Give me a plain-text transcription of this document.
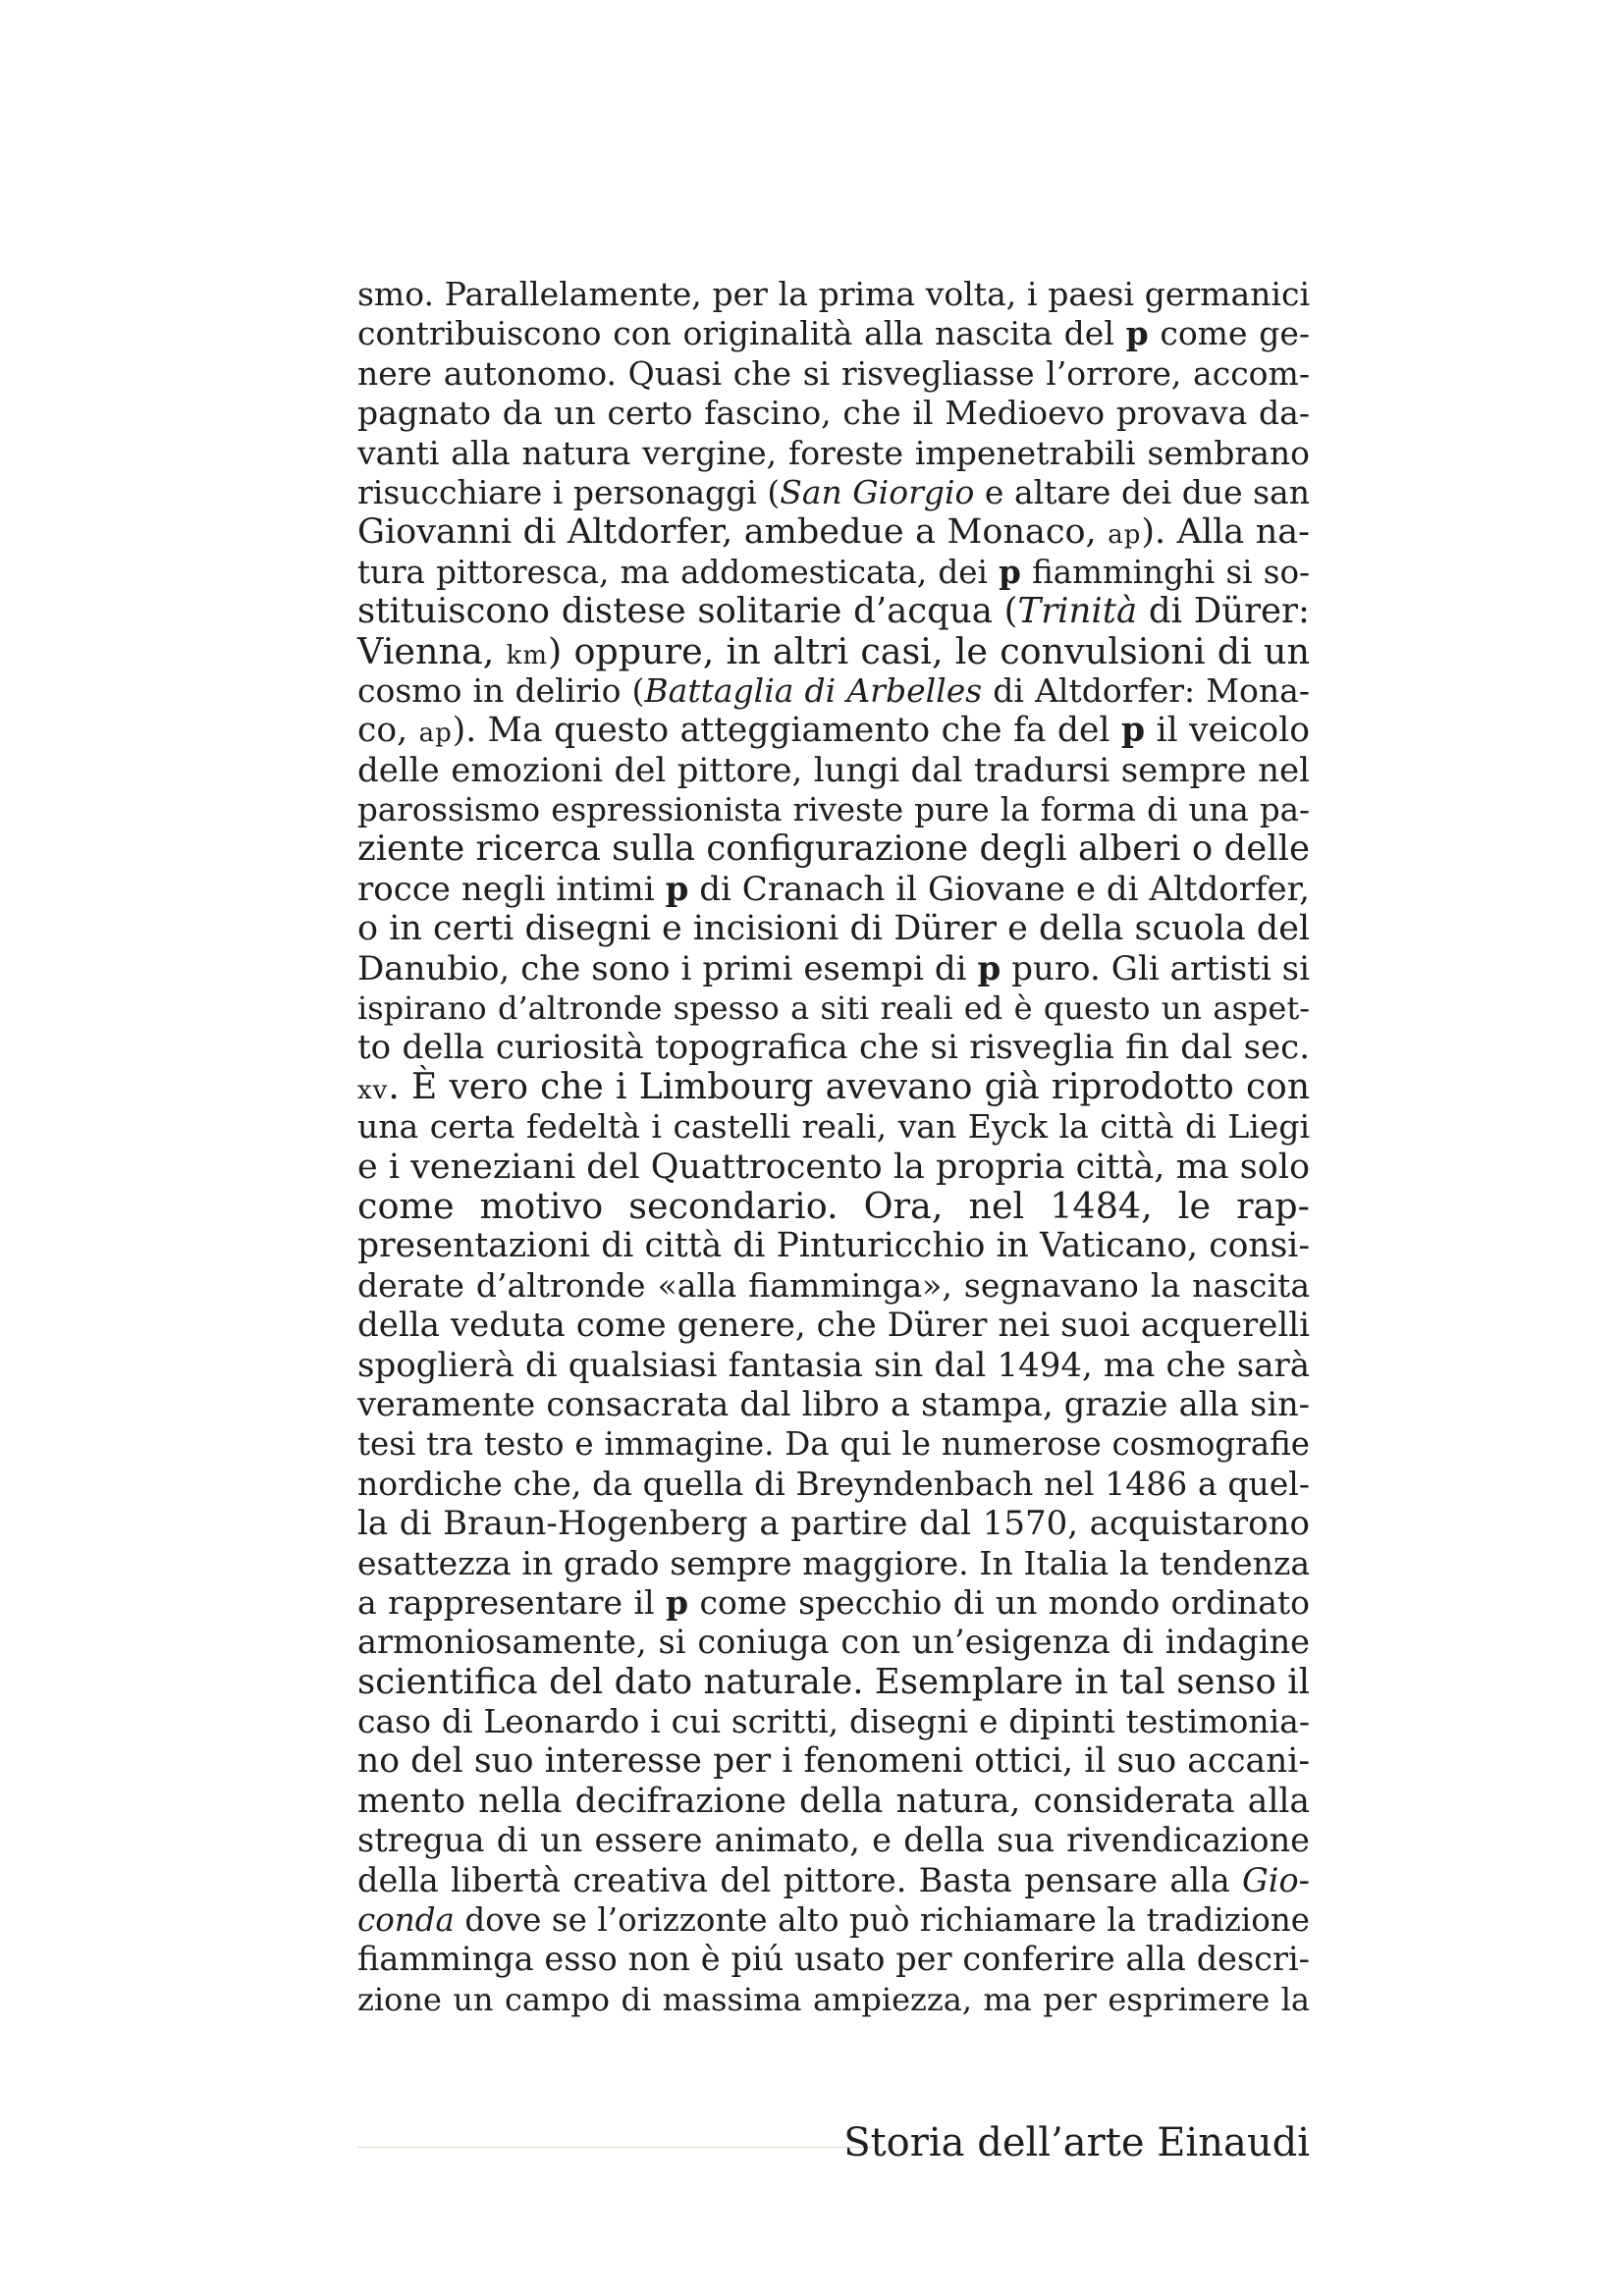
smo. Parallelamente, per la prima volta, i paesi germanici
contribuiscono con originalità alla nascita del p come ge-
nere autonomo. Quasi che si risvegliasse l’orrore, accom-
pagnato da un certo fascino, che il Medioevo provava da-
vanti alla natura vergine, foreste impenetrabili sembrano
risucchiare i personaggi (San Giorgio e altare dei due san
Giovanni di Altdorfer, ambedue a Monaco, ap). Alla na-
tura pittoresca, ma addomesticata, dei p fiamminghi si so-
stituiscono distese solitarie d’acqua (Trinità di Dürer:
Vienna, km) oppure, in altri casi, le convulsioni di un
cosmo in delirio (Battaglia di Arbelles di Altdorfer: Mona-
co, ap). Ma questo atteggiamento che fa del p il veicolo
delle emozioni del pittore, lungi dal tradursi sempre nel
parossismo espressionista riveste pure la forma di una pa-
ziente ricerca sulla configurazione degli alberi o delle
rocce negli intimi p di Cranach il Giovane e di Altdorfer,
o in certi disegni e incisioni di Dürer e della scuola del
Danubio, che sono i primi esempi di p puro. Gli artisti si
ispirano d’altronde spesso a siti reali ed è questo un aspet-
to della curiosità topografica che si risveglia fin dal sec.
xv. È vero che i Limbourg avevano già riprodotto con
una certa fedeltà i castelli reali, van Eyck la città di Liegi
e i veneziani del Quattrocento la propria città, ma solo
come motivo secondario. Ora, nel 1484, le rap-
presentazioni di città di Pinturicchio in Vaticano, consi-
derate d’altronde «alla fiamminga», segnavano la nascita
della veduta come genere, che Dürer nei suoi acquerelli
spoglierà di qualsiasi fantasia sin dal 1494, ma che sarà
veramente consacrata dal libro a stampa, grazie alla sin-
tesi tra testo e immagine. Da qui le numerose cosmografie
nordiche che, da quella di Breyndenbach nel 1486 a quel-
la di Braun-Hogenberg a partire dal 1570, acquistarono
esattezza in grado sempre maggiore. In Italia la tendenza
a rappresentare il p come specchio di un mondo ordinato
armoniosamente, si coniuga con un’esigenza di indagine
scientifica del dato naturale. Esemplare in tal senso il
caso di Leonardo i cui scritti, disegni e dipinti testimonia-
no del suo interesse per i fenomeni ottici, il suo accani-
mento nella decifrazione della natura, considerata alla
stregua di un essere animato, e della sua rivendicazione
della libertà creativa del pittore. Basta pensare alla Gio-
conda dove se l’orizzonte alto può richiamare la tradizione
fiamminga esso non è piú usato per conferire alla descri-
zione un campo di massima ampiezza, ma per esprimere la
Storia dell’arte Einaudi
